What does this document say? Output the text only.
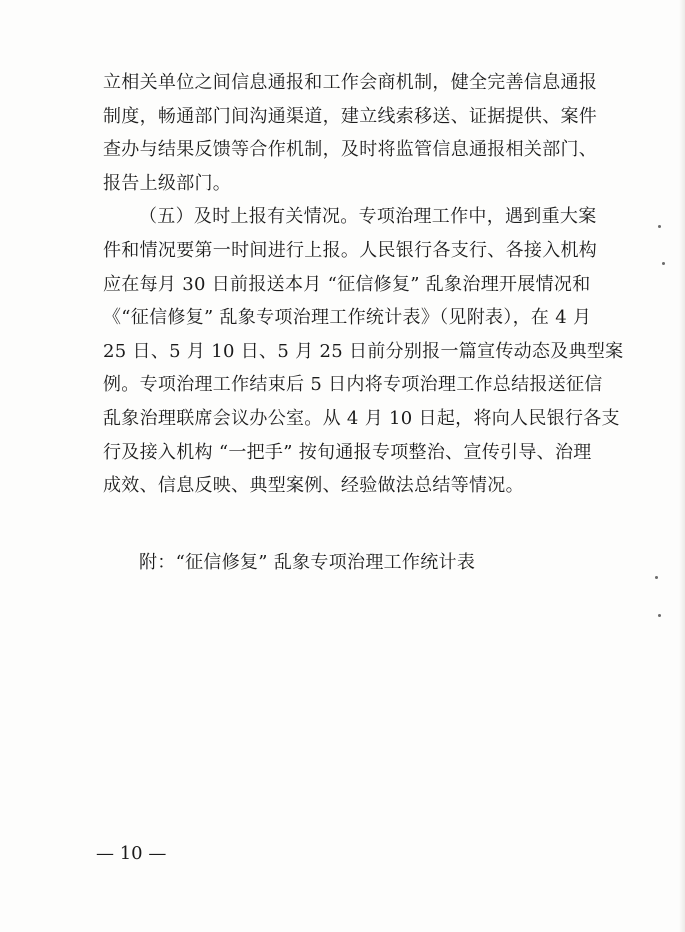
立相关单位之间信息通报和工作会商机制，健全完善信息通报
制度，畅通部门间沟通渠道，建立线索移送、证据提供、案件
查办与结果反馈等合作机制，及时将监管信息通报相关部门、
报告上级部门。
（五）及时上报有关情况。专项治理工作中，遇到重大案
件和情况要第一时间进行上报。人民银行各支行、各接入机构
应在每月 30 日前报送本月 “征信修复” 乱象治理开展情况和
《“征信修复” 乱象专项治理工作统计表》（见附表），在 4 月
25 日、5 月 10 日、5 月 25 日前分别报一篇宣传动态及典型案
例。专项治理工作结束后 5 日内将专项治理工作总结报送征信
乱象治理联席会议办公室。从 4 月 10 日起，将向人民银行各支
行及接入机构 “一把手” 按旬通报专项整治、宣传引导、治理
成效、信息反映、典型案例、经验做法总结等情况。
附：“征信修复” 乱象专项治理工作统计表
— 10 —
